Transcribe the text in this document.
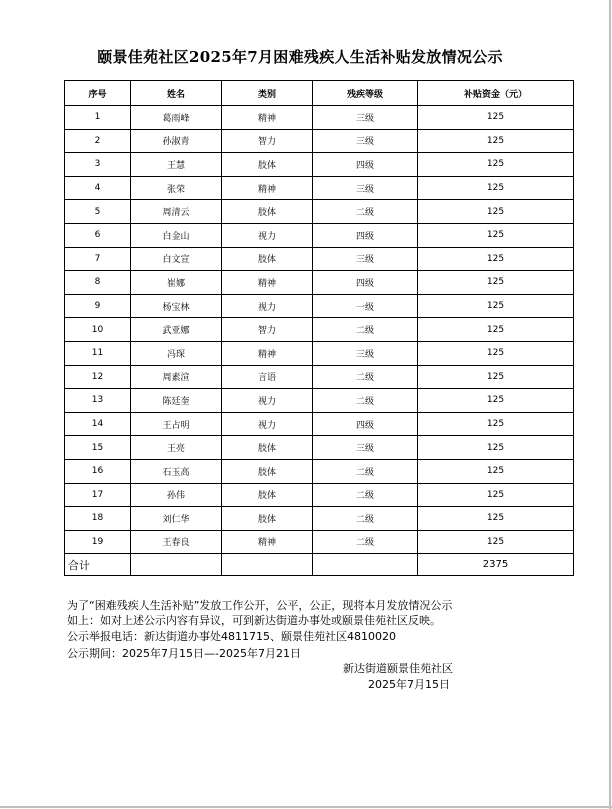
颐景佳苑社区2025年7月困难残疾人生活补贴发放情况公示
序号	姓名	类别	残疾等级	补贴资金（元）
1	葛雨峰	精神	三级	125
2	孙淑青	智力	三级	125
3	王慧	肢体	四级	125
4	张荣	精神	三级	125
5	周清云	肢体	二级	125
6	白金山	视力	四级	125
7	白文宣	肢体	三级	125
8	崔娜	精神	四级	125
9	杨宝林	视力	一级	125
10	武亚娜	智力	二级	125
11	冯琛	精神	三级	125
12	周素渲	言语	二级	125
13	陈廷奎	视力	二级	125
14	王占明	视力	四级	125
15	王亮	肢体	三级	125
16	石玉高	肢体	二级	125
17	孙伟	肢体	二级	125
18	刘仁华	肢体	二级	125
19	王春良	精神	二级	125
合计				2375
为了“困难残疾人生活补贴”发放工作公开，公平，公正，现将本月发放情况公示
如上：如对上述公示内容有异议，可到新达街道办事处或颐景佳苑社区反映。
公示举报电话：新达街道办事处4811715、颐景佳苑社区4810020
公示期间：2025年7月15日—-2025年7月21日
新达街道颐景佳苑社区
2025年7月15日
